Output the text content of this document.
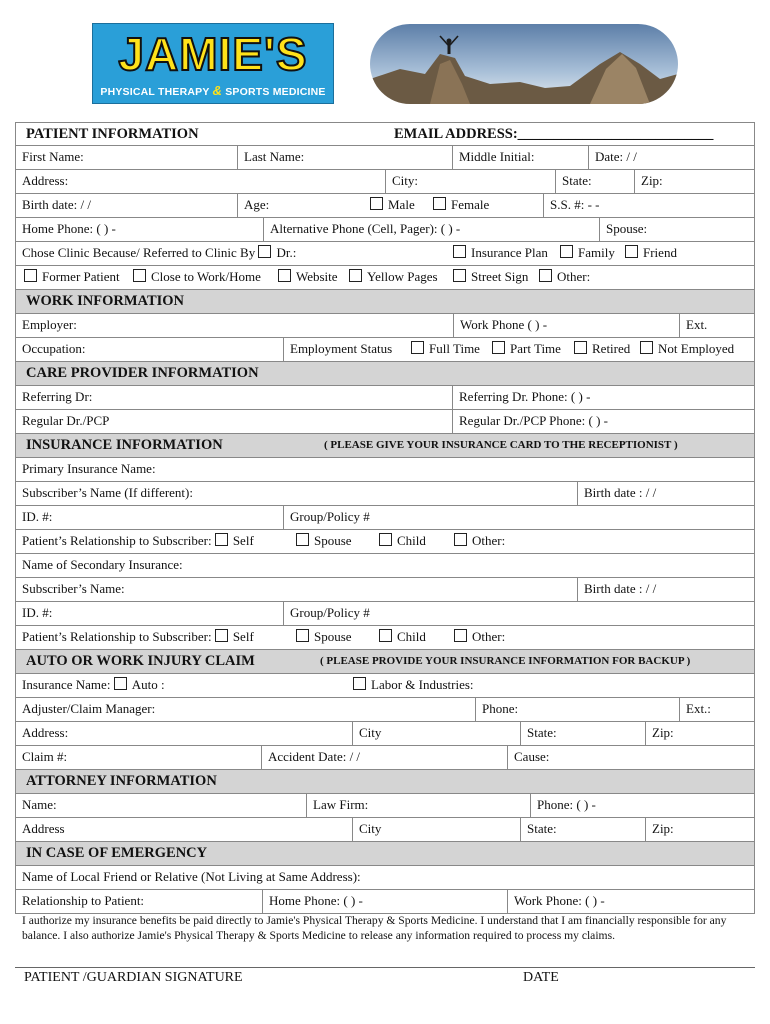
JAMIE'S
PHYSICAL THERAPY & SPORTS MEDICINE
PATIENT INFORMATION	EMAIL ADDRESS:___________________________
First Name:	Last Name:	Middle Initial:	Date: / /
Address:	City:	State:	Zip:
Birth date: / /	Age:	Male	Female	S.S. #: - -
Home Phone: ( ) -	Alternative Phone (Cell, Pager): ( ) -	Spouse:
Chose Clinic Because/ Referred to Clinic By Dr.:	Insurance Plan	Family	Friend
Former Patient	Close to Work/Home	Website	Yellow Pages	Street Sign	Other:
WORK INFORMATION
Employer:	Work Phone ( ) -	Ext.
Occupation:	Employment Status	Full Time	Part Time	Retired	Not Employed
CARE PROVIDER INFORMATION
Referring Dr:	Referring Dr. Phone: ( ) -
Regular Dr./PCP	Regular Dr./PCP Phone: ( ) -
INSURANCE INFORMATION	( PLEASE GIVE YOUR INSURANCE CARD TO THE RECEPTIONIST )
Primary Insurance Name:
Subscriber’s Name (If different):	Birth date : / /
ID. #:	Group/Policy #
Patient’s Relationship to Subscriber: Self	Spouse	Child	Other:
Name of Secondary Insurance:
Subscriber’s Name:	Birth date : / /
ID. #:	Group/Policy #
Patient’s Relationship to Subscriber: Self	Spouse	Child	Other:
AUTO OR WORK INJURY CLAIM	( PLEASE PROVIDE YOUR INSURANCE INFORMATION FOR BACKUP )
Insurance Name: Auto :	Labor & Industries:
Adjuster/Claim Manager:	Phone:	Ext.:
Address:	City	State:	Zip:
Claim #:	Accident Date: / /	Cause:
ATTORNEY INFORMATION
Name:	Law Firm:	Phone: ( ) -
Address	City	State:	Zip:
IN CASE OF EMERGENCY
Name of Local Friend or Relative (Not Living at Same Address):
Relationship to Patient:	Home Phone: ( ) -	Work Phone: ( ) -
I authorize my insurance benefits be paid directly to Jamie's Physical Therapy & Sports Medicine. I understand that I am financially responsible for any balance. I also authorize Jamie's Physical Therapy & Sports Medicine to release any information required to process my claims.
PATIENT /GUARDIAN SIGNATURE	DATE
